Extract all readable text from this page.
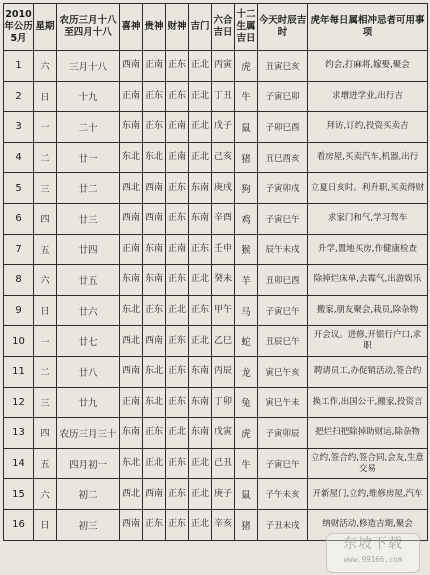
2010年公历5月	星期	农历三月十八至四月十八	喜神	贵神	财神	吉门	六合吉日	十二生属吉日	今天时辰吉时	虎年每日属相冲忌者可用事项
1	六	三月十八	西南	正南	正东	正北	丙寅	虎	丑寅巳亥	约会,打麻将,嫁娶,聚会
2	日	十九	正南	正东	正东	正北	丁丑	牛	子寅巳卯	求增进学业,出行吉
3	一	二十	东南	正东	正南	正北	戊子	鼠	子卯巳酉	拜访,订约,投资买卖吉
4	二	廿一	东北	东北	正南	正北	己亥	猪	丑巳酉亥	看房屋,买卖汽车,机器,出行
5	三	廿二	西北	西南	正东	东南	庚戌	狗	子寅卯戌	立夏日亥时。利升职,买卖得财
6	四	廿三	西南	西南	正东	东南	辛酉	鸡	子寅巳午	求家门和气,学习驾车
7	五	廿四	正南	东南	正南	正东	壬申	猴	辰午未戌	升学,置地买房,作健康检查
8	六	廿五	东南	东南	正东	正北	癸未	羊	丑卯巳酉	除掉烂床单,去霉气,出游娱乐
9	日	廿六	东北	正东	正北	正东	甲午	马	子寅巳午	搬家,朋友聚会,栽员,除杂物
10	一	廿七	西北	西南	正东	正北	乙巳	蛇	丑辰巳午	开会议。进修,开银行户口,求职
11	二	廿八	西南	东北	正东	东南	丙辰	龙	寅巳午亥	聘请员工,办促销活动,签合约
12	三	廿九	正南	东北	正东	东南	丁卯	兔	寅巳午未	换工作,出国公干,搬家,投资言
13	四	农历三月三十	东南	正东	正北	东南	戊寅	虎	子寅卯辰	把烂扫把除掉助财运,除杂物
14	五	四月初一	东北	正北	正东	正北	己丑	牛	子寅巳午	立约,签合约,签合同,会友,生意交易
15	六	初二	西北	西南	正东	正北	庚子	鼠	子午未亥	开新屋门,立约,维修房屋,汽车
16	日	初三	西南	正东	正东	正北	辛亥	猪	子丑未戌	纳财活动,修造吉期,聚会
东坡下载
www.99166.com
